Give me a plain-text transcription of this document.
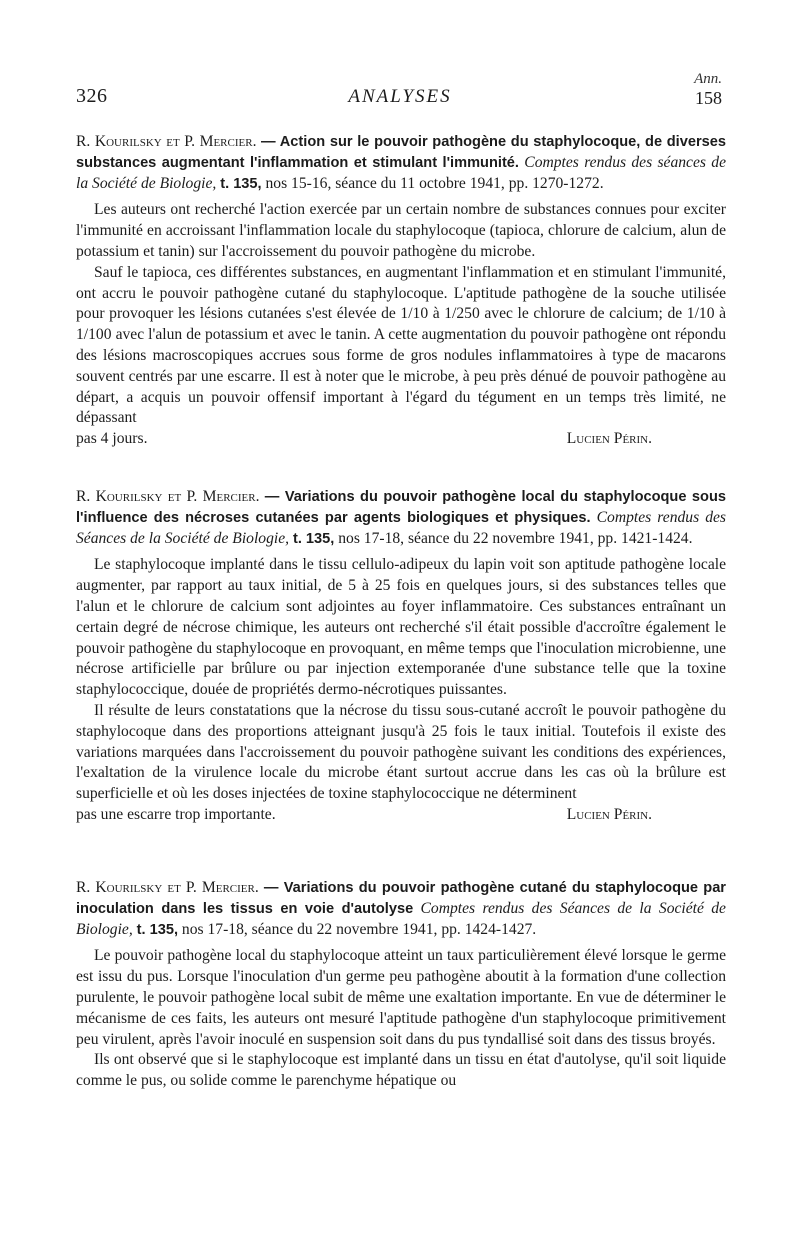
Ann.
326	ANALYSES	158

R. Kourilsky et P. Mercier. — Action sur le pouvoir pathogène du staphylocoque, de diverses substances augmentant l'inflammation et stimulant l'immunité. Comptes rendus des séances de la Société de Biologie, t. 135, nos 15-16, séance du 11 octobre 1941, pp. 1270-1272.

Les auteurs ont recherché l'action exercée par un certain nombre de substances connues pour exciter l'immunité en accroissant l'inflammation locale du staphylocoque (tapioca, chlorure de calcium, alun de potassium et tanin) sur l'accroissement du pouvoir pathogène du microbe.

Sauf le tapioca, ces différentes substances, en augmentant l'inflammation et en stimulant l'immunité, ont accru le pouvoir pathogène cutané du staphylocoque. L'aptitude pathogène de la souche utilisée pour provoquer les lésions cutanées s'est élevée de 1/10 à 1/250 avec le chlorure de calcium; de 1/10 à 1/100 avec l'alun de potassium et avec le tanin. A cette augmentation du pouvoir pathogène ont répondu des lésions macroscopiques accrues sous forme de gros nodules inflammatoires à type de macarons souvent centrés par une escarre. Il est à noter que le microbe, à peu près dénué de pouvoir pathogène au départ, a acquis un pouvoir offensif important à l'égard du tégument en un temps très limité, ne dépassant

pas 4 jours.	Lucien Périn.

R. Kourilsky et P. Mercier. — Variations du pouvoir pathogène local du staphylocoque sous l'influence des nécroses cutanées par agents biologiques et physiques. Comptes rendus des Séances de la Société de Biologie, t. 135, nos 17-18, séance du 22 novembre 1941, pp. 1421-1424.

Le staphylocoque implanté dans le tissu cellulo-adipeux du lapin voit son aptitude pathogène locale augmenter, par rapport au taux initial, de 5 à 25 fois en quelques jours, si des substances telles que l'alun et le chlorure de calcium sont adjointes au foyer inflammatoire. Ces substances entraînant un certain degré de nécrose chimique, les auteurs ont recherché s'il était possible d'accroître également le pouvoir pathogène du staphylocoque en provoquant, en même temps que l'inoculation microbienne, une nécrose artificielle par brûlure ou par injection extemporanée d'une substance telle que la toxine staphylococcique, douée de propriétés dermo-nécrotiques puissantes.

Il résulte de leurs constatations que la nécrose du tissu sous-cutané accroît le pouvoir pathogène du staphylocoque dans des proportions atteignant jusqu'à 25 fois le taux initial. Toutefois il existe des variations marquées dans l'accroissement du pouvoir pathogène suivant les conditions des expériences, l'exaltation de la virulence locale du microbe étant surtout accrue dans les cas où la brûlure est superficielle et où les doses injectées de toxine staphylococcique ne déterminent

pas une escarre trop importante.	Lucien Périn.

R. Kourilsky et P. Mercier. — Variations du pouvoir pathogène cutané du staphylocoque par inoculation dans les tissus en voie d'autolyse Comptes rendus des Séances de la Société de Biologie, t. 135, nos 17-18, séance du 22 novembre 1941, pp. 1424-1427.

Le pouvoir pathogène local du staphylocoque atteint un taux particulièrement élevé lorsque le germe est issu du pus. Lorsque l'inoculation d'un germe peu pathogène aboutit à la formation d'une collection purulente, le pouvoir pathogène local subit de même une exaltation importante. En vue de déterminer le mécanisme de ces faits, les auteurs ont mesuré l'aptitude pathogène d'un staphylocoque primitivement peu virulent, après l'avoir inoculé en suspension soit dans du pus tyndallisé soit dans des tissus broyés.

Ils ont observé que si le staphylocoque est implanté dans un tissu en état d'autolyse, qu'il soit liquide comme le pus, ou solide comme le parenchyme hépatique ou
